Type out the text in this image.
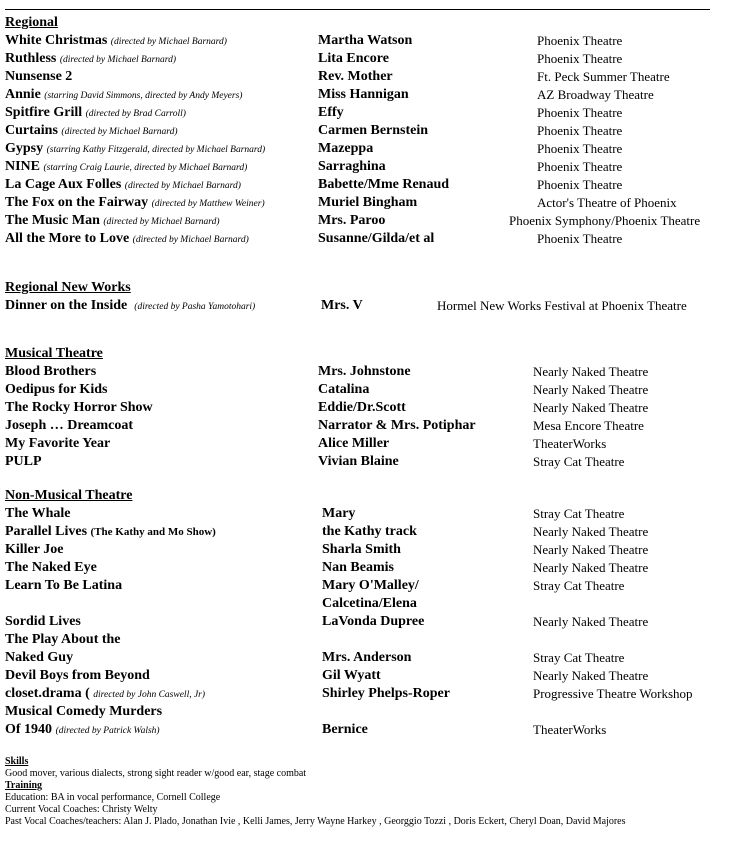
Regional
White Christmas (directed by Michael Barnard)	Martha Watson	Phoenix Theatre
Ruthless (directed by Michael Barnard)	Lita Encore	Phoenix Theatre
Nunsense 2	Rev. Mother	Ft. Peck Summer Theatre
Annie (starring David Simmons, directed by Andy Meyers)	Miss Hannigan	AZ Broadway Theatre
Spitfire Grill (directed by Brad Carroll)	Effy	Phoenix Theatre
Curtains (directed by Michael Barnard)	Carmen Bernstein	Phoenix Theatre
Gypsy (starring Kathy Fitzgerald, directed by Michael Barnard)	Mazeppa	Phoenix Theatre
NINE (starring Craig Laurie, directed by Michael Barnard)	Sarraghina	Phoenix Theatre
La Cage Aux Folles (directed by Michael Barnard)	Babette/Mme Renaud	Phoenix Theatre
The Fox on the Fairway (directed by Matthew Weiner)	Muriel Bingham	Actor's Theatre of Phoenix
The Music Man (directed by Michael Barnard)	Mrs. Paroo	Phoenix Symphony/Phoenix Theatre
All the More to Love (directed by Michael Barnard)	Susanne/Gilda/et al	Phoenix Theatre
Regional New Works
Dinner on the Inside (directed by Pasha Yamotohari)	Mrs. V	Hormel New Works Festival at Phoenix Theatre
Musical Theatre
Blood Brothers	Mrs. Johnstone	Nearly Naked Theatre
Oedipus for Kids	Catalina	Nearly Naked Theatre
The Rocky Horror Show	Eddie/Dr.Scott	Nearly Naked Theatre
Joseph … Dreamcoat	Narrator & Mrs. Potiphar	Mesa Encore Theatre
My Favorite Year	Alice Miller	TheaterWorks
PULP	Vivian Blaine	Stray Cat Theatre
Non-Musical Theatre
The Whale	Mary	Stray Cat Theatre
Parallel Lives (The Kathy and Mo Show)	the Kathy track	Nearly Naked Theatre
Killer Joe	Sharla Smith	Nearly Naked Theatre
The Naked Eye	Nan Beamis	Nearly Naked Theatre
Learn To Be Latina	Mary O'Malley/	Stray Cat Theatre
Calcetina/Elena
Sordid Lives	LaVonda Dupree	Nearly Naked Theatre
The Play About the
Naked Guy	Mrs. Anderson	Stray Cat Theatre
Devil Boys from Beyond	Gil Wyatt	Nearly Naked Theatre
closet.drama ( directed by John Caswell, Jr)	Shirley Phelps-Roper	Progressive Theatre Workshop
Musical Comedy Murders
Of 1940 (directed by Patrick Walsh)	Bernice	TheaterWorks
Skills
Good mover, various dialects, strong sight reader w/good ear, stage combat
Training
Education: BA in vocal performance, Cornell College
Current Vocal Coaches: Christy Welty
Past Vocal Coaches/teachers: Alan J. Plado, Jonathan Ivie , Kelli James, Jerry Wayne Harkey , Georggio Tozzi , Doris Eckert, Cheryl Doan, David Majores
